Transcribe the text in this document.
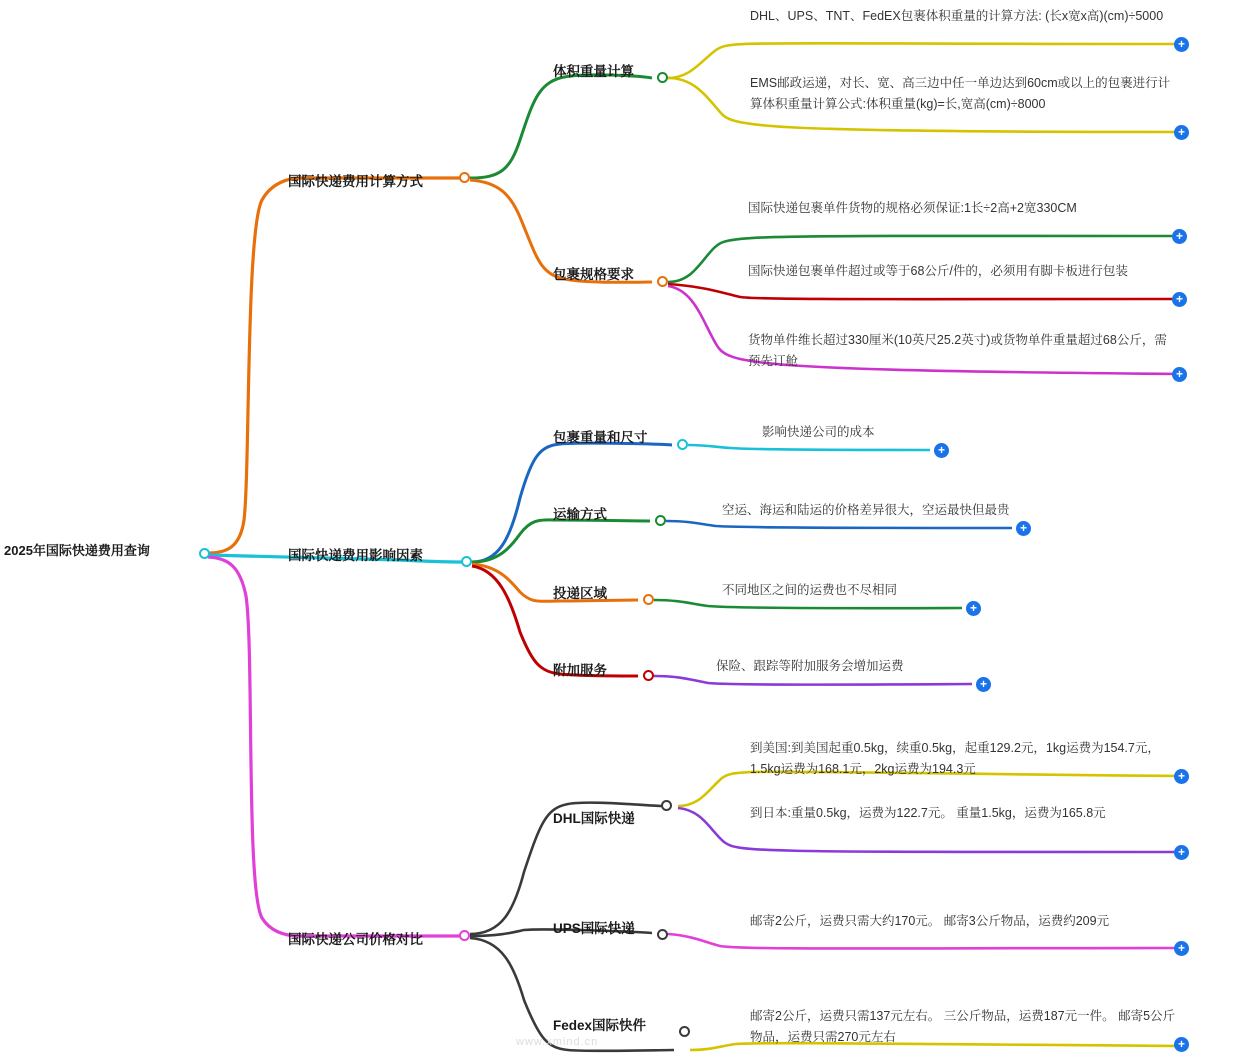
2025年国际快递费用查询
国际快递费用计算方式
体积重量计算
DHL、UPS、TNT、FedEX包裹体积重量的计算方法: (长x宽x高)(cm)÷5000
+
EMS邮政运递，对长、宽、高三边中任一单边达到60cm或以上的包裹进行计算体积重量计算公式:体积重量(kg)=长,宽高(cm)÷8000
+
包裹规格要求
国际快递包裹单件货物的规格必须保证:1长÷2高+2宽330CM
+
国际快递包裹单件超过或等于68公斤/件的，必须用有脚卡板进行包装
+
货物单件维长超过330厘米(10英尺25.2英寸)或货物单件重量超过68公斤，需预先订舱
+
国际快递费用影响因素
包裹重量和尺寸	影响快递公司的成本
+
运输方式	空运、海运和陆运的价格差异很大，空运最快但最贵
+
投递区域	不同地区之间的运费也不尽相同
+
附加服务	保险、跟踪等附加服务会增加运费
+
国际快递公司价格对比
DHL国际快递
到美国:到美国起重0.5kg，续重0.5kg，起重129.2元，1kg运费为154.7元，1.5kg运费为168.1元，2kg运费为194.3元	+
到日本:重量0.5kg，运费为122.7元。 重量1.5kg，运费为165.8元
+
UPS国际快递	邮寄2公斤，运费只需大约170元。 邮寄3公斤物品，运费约209元
+
Fedex国际快件
邮寄2公斤，运费只需137元左右。 三公斤物品，运费187元一件。 邮寄5公斤物品，运费只需270元左右	+
www.xmind.cn
